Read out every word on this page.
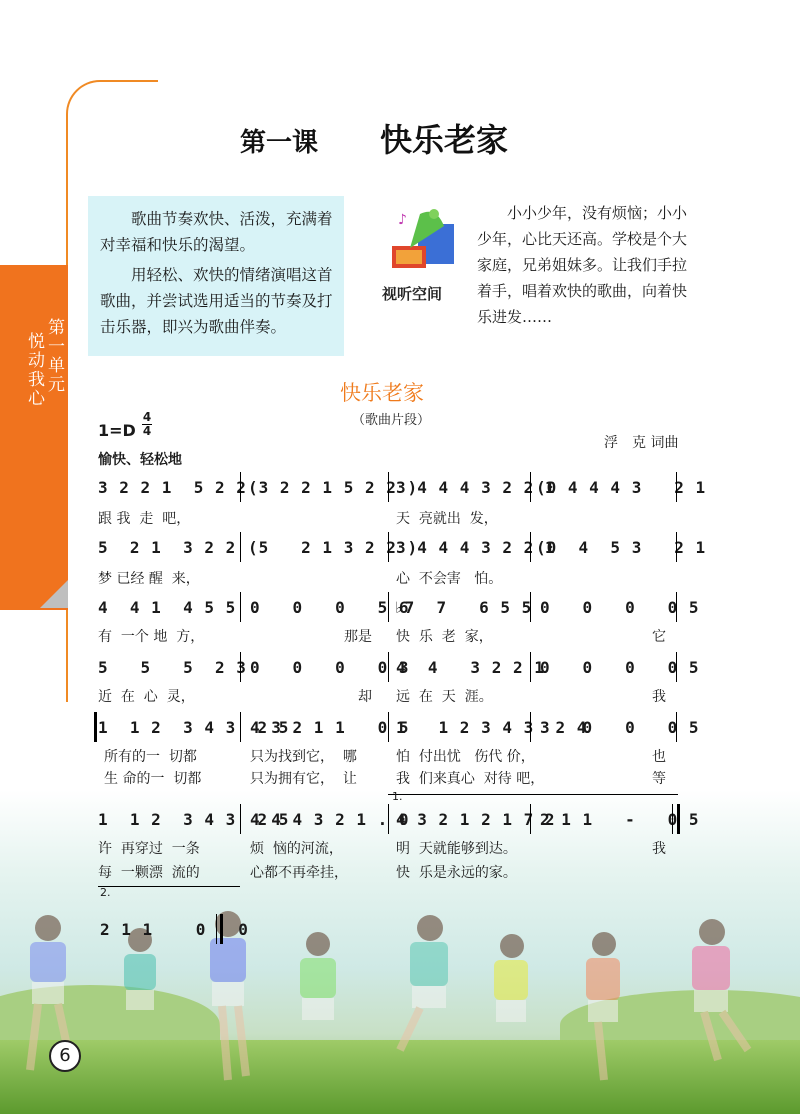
第一单元
悦动我心
第一课 快乐老家

歌曲节奏欢快、活泼，充满着对幸福和快乐的渴望。

用轻松、欢快的情绪演唱这首歌曲，并尝试选用适当的节奏及打击乐器，即兴为歌曲伴奏。

♪
视听空间
小小少年，没有烦恼；小小少年，心比天还高。学校是个大家庭，兄弟姐妹多。让我们手拉着手，唱着欢快的歌曲，向着快乐进发……
快乐老家
（歌曲片段）
1=D
4
4
浮　克 词曲
愉快、轻松地
3 2 2 1  5 2 2 (3 2 2 1 5 2 2 )
3 4 4 4 3 2 2 1
(0 4 4 4 3   2 1
跟 我  走  吧，	天  亮就出  发，
5  2 1  3 2 2 (5   2 1 3 2 2 )
3 4 4 4 3 2 2 1
(0  4  5 3   2 1
梦 已经 醒  来，	心  不会害   怕。
4  4 1  4 5 5 0   0   0   5 6
♭7  7   6 5 5 0   0   0   0 5
有  一个 地  方，	那是 快  乐  老  家，	它
5   5   5  2 3 0   0   0   0 3
4  4   3 2 2 1
0   0   0   0 5
近  在  心  灵，	却 远  在  天  涯。	我
1  1 2  3 4 3  2 5
4 3 2 1 1   0 5
1   1 2 3 4 3  2 4
3   0   0   0 5
所有的一  切都	只为找到它，  哪	怕  付出忧   伤代 价，	也
生 命的一  切都	只为拥有它，  让	我  们来真心  对待 吧，	等
1  1 2  3 4 3  2 5
4 4 4 3 2 1 . 0
1.
4 3 2 1 2 1 7 2
2 1 1   -   0 5
许  再穿过  一条	烦  恼的河流，	明  天就能够到达。	我
每  一颗漂  流的	心都不再牵挂，	快  乐是永远的家。
2.
2 1 1    0   0
6
